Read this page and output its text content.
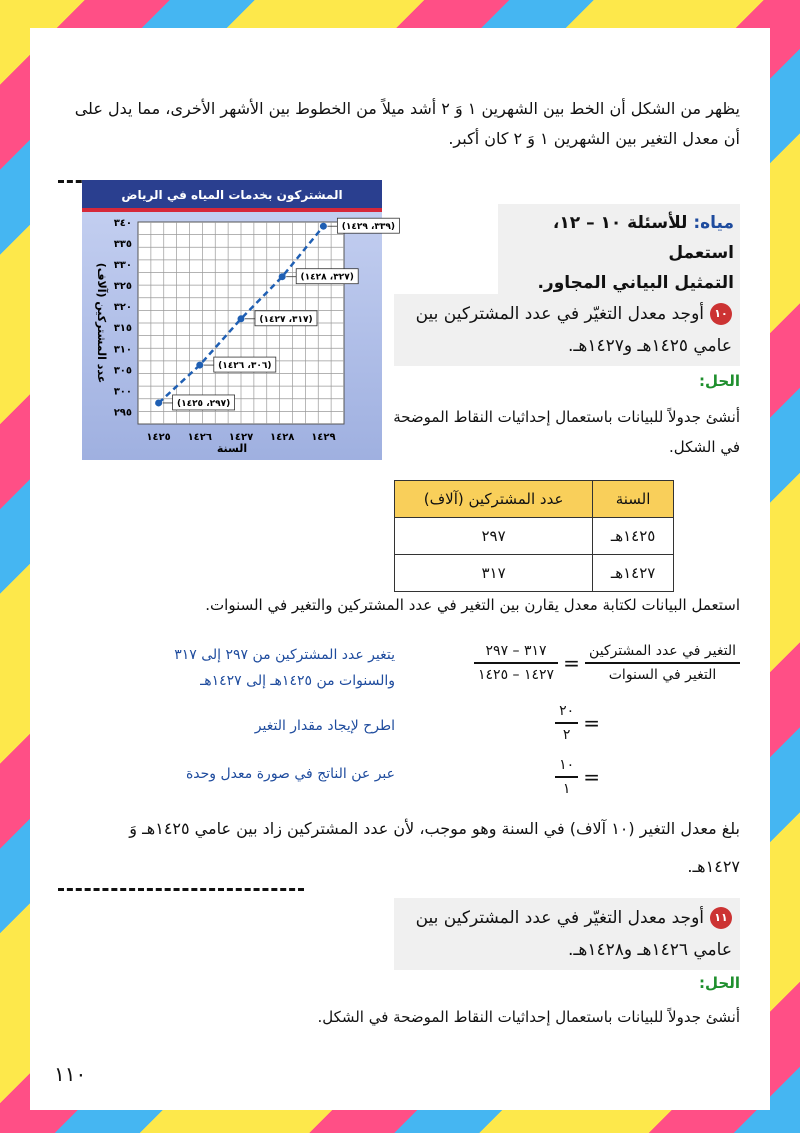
يظهر من الشكل أن الخط بين الشهرين ١ وَ ٢ أشد ميلاً من الخطوط بين الأشهر الأخرى، مما يدل على
أن معدل التغير بين الشهرين ١ وَ ٢ كان أكبر.
المشتركون بخدمات المياه في الرياض
٢٩٥
٣٠٠
٣٠٥
٣١٠
٣١٥
٣٢٠
٣٢٥
٣٣٠
٣٣٥
٣٤٠
١٤٢٥ ١٤٢٦ ١٤٢٧ ١٤٢٨ ١٤٢٩
(٢٩٧، ١٤٢٥)
(٣٠٦، ١٤٢٦)
(٣١٧، ١٤٢٧)
(٣٢٧، ١٤٢٨)
(٣٣٩، ١٤٢٩)
السنة
عدد المشتركين (آلاف)
مياه: للأسئلة ١٠ – ١٢، استعمل
التمثيل البياني المجاور.
١٠أوجد معدل التغيّر في عدد المشتركين بين
عامي ١٤٢٥هـ و١٤٢٧هـ.
الحل:
أنشئ جدولاً للبيانات باستعمال إحداثيات النقاط الموضحة
في الشكل.
السنة	عدد المشتركين (آلاف)
١٤٢٥هـ	٢٩٧
١٤٢٧هـ	٣١٧
استعمل البيانات لكتابة معدل يقارن بين التغير في عدد المشتركين والتغير في السنوات.
$\frac{\text{التغير في عدد المشتركين}}{\text{التغير في السنوات}}$
=
$\frac{٣١٧ - ٢٩٧}{١٤٢٧ - ١٤٢٥}$
يتغير عدد المشتركين من ٢٩٧ إلى ٣١٧
والسنوات من ١٤٢٥هـ إلى ١٤٢٧هـ
=
$\frac{٢٠}{٢}$
اطرح لإيجاد مقدار التغير
=
$\frac{١٠}{١}$
عبر عن الناتج في صورة معدل وحدة
بلغ معدل التغير (١٠ آلاف) في السنة وهو موجب، لأن عدد المشتركين زاد بين عامي ١٤٢٥هـ وَ
١٤٢٧هـ.
١١أوجد معدل التغيّر في عدد المشتركين بين
عامي ١٤٢٦هـ و١٤٢٨هـ.
الحل:
أنشئ جدولاً للبيانات باستعمال إحداثيات النقاط الموضحة في الشكل.
١١٠
